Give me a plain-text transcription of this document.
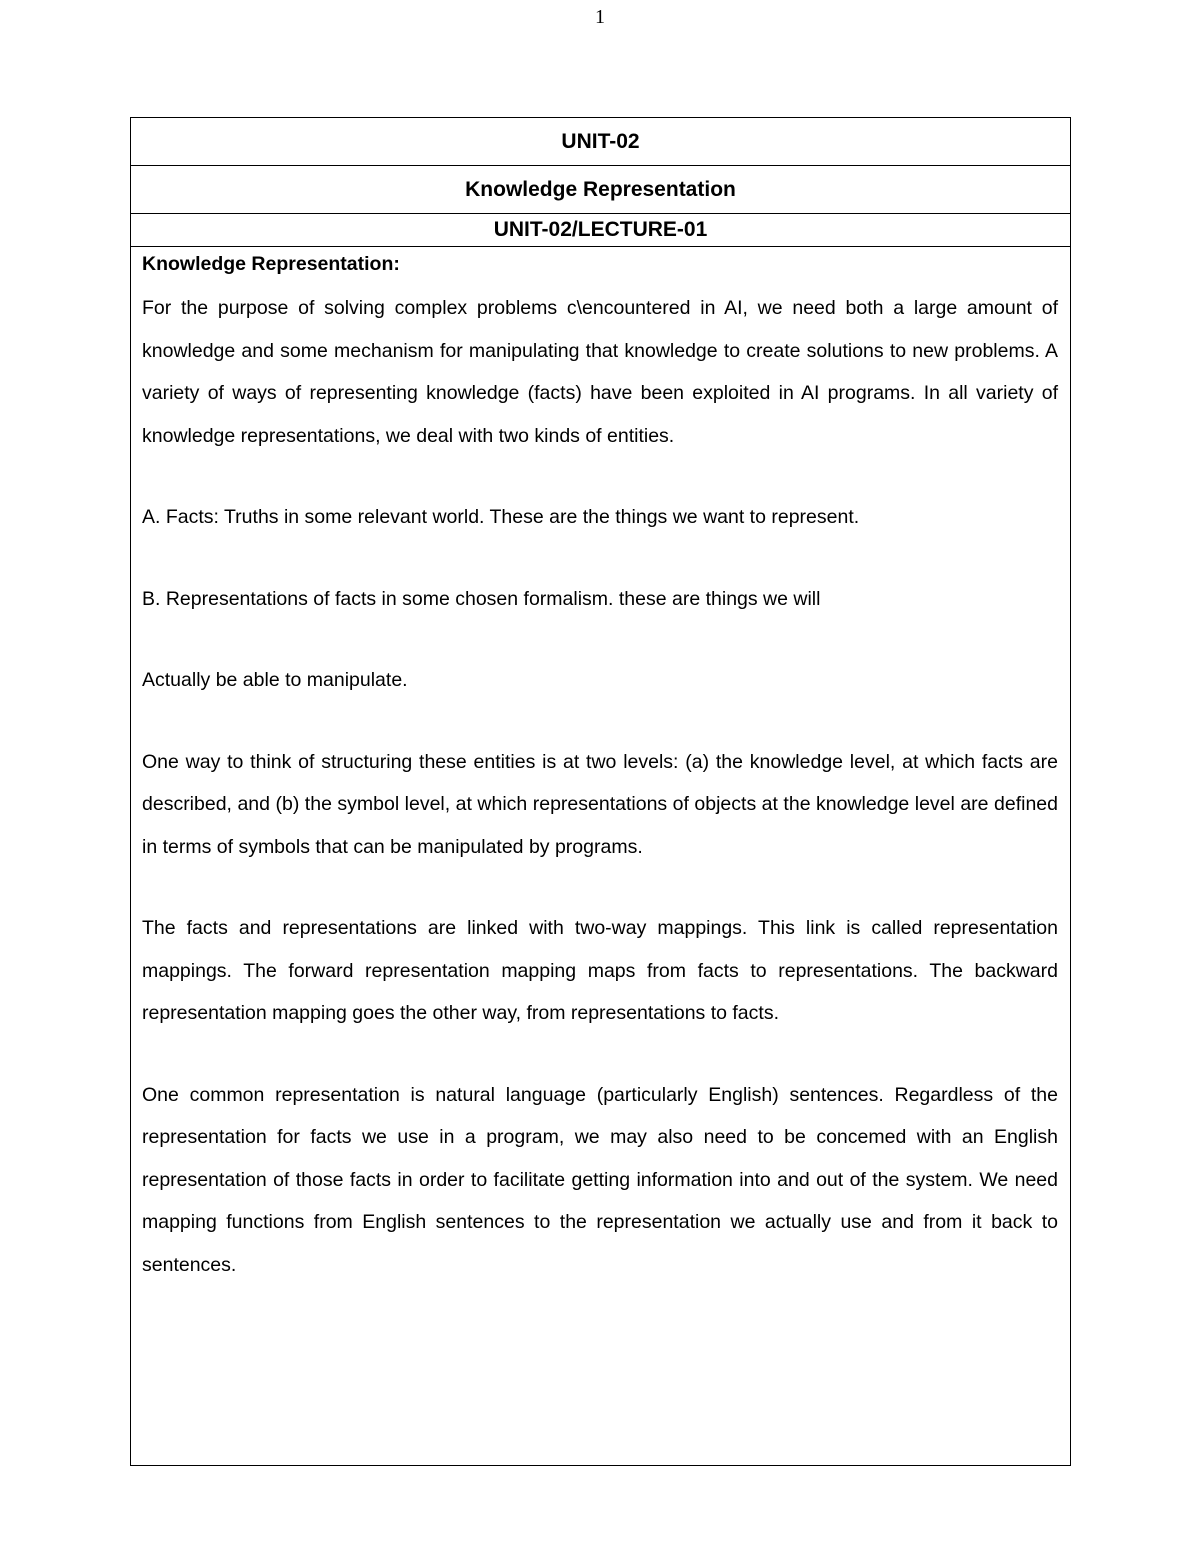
1
UNIT-02
Knowledge Representation
UNIT-02/LECTURE-01
Knowledge Representation:

For the purpose of solving complex problems c\encountered in AI, we need both a large amount of knowledge and some mechanism for manipulating that knowledge to create solutions to new problems. A variety of ways of representing knowledge (facts) have been exploited in AI programs. In all variety of knowledge representations, we deal with two kinds of entities.

A. Facts: Truths in some relevant world. These are the things we want to represent.

B. Representations of facts in some chosen formalism. these are things we will

Actually be able to manipulate.

One way to think of structuring these entities is at two levels: (a) the knowledge level, at which facts are described, and (b) the symbol level, at which representations of objects at the knowledge level are defined in terms of symbols that can be manipulated by programs.

The facts and representations are linked with two-way mappings. This link is called representation mappings. The forward representation mapping maps from facts to representations. The backward representation mapping goes the other way, from representations to facts.

One common representation is natural language (particularly English) sentences. Regardless of the representation for facts we use in a program, we may also need to be concemed with an English representation of those facts in order to facilitate getting information into and out of the system. We need mapping functions from English sentences to the representation we actually use and from it back to sentences.
